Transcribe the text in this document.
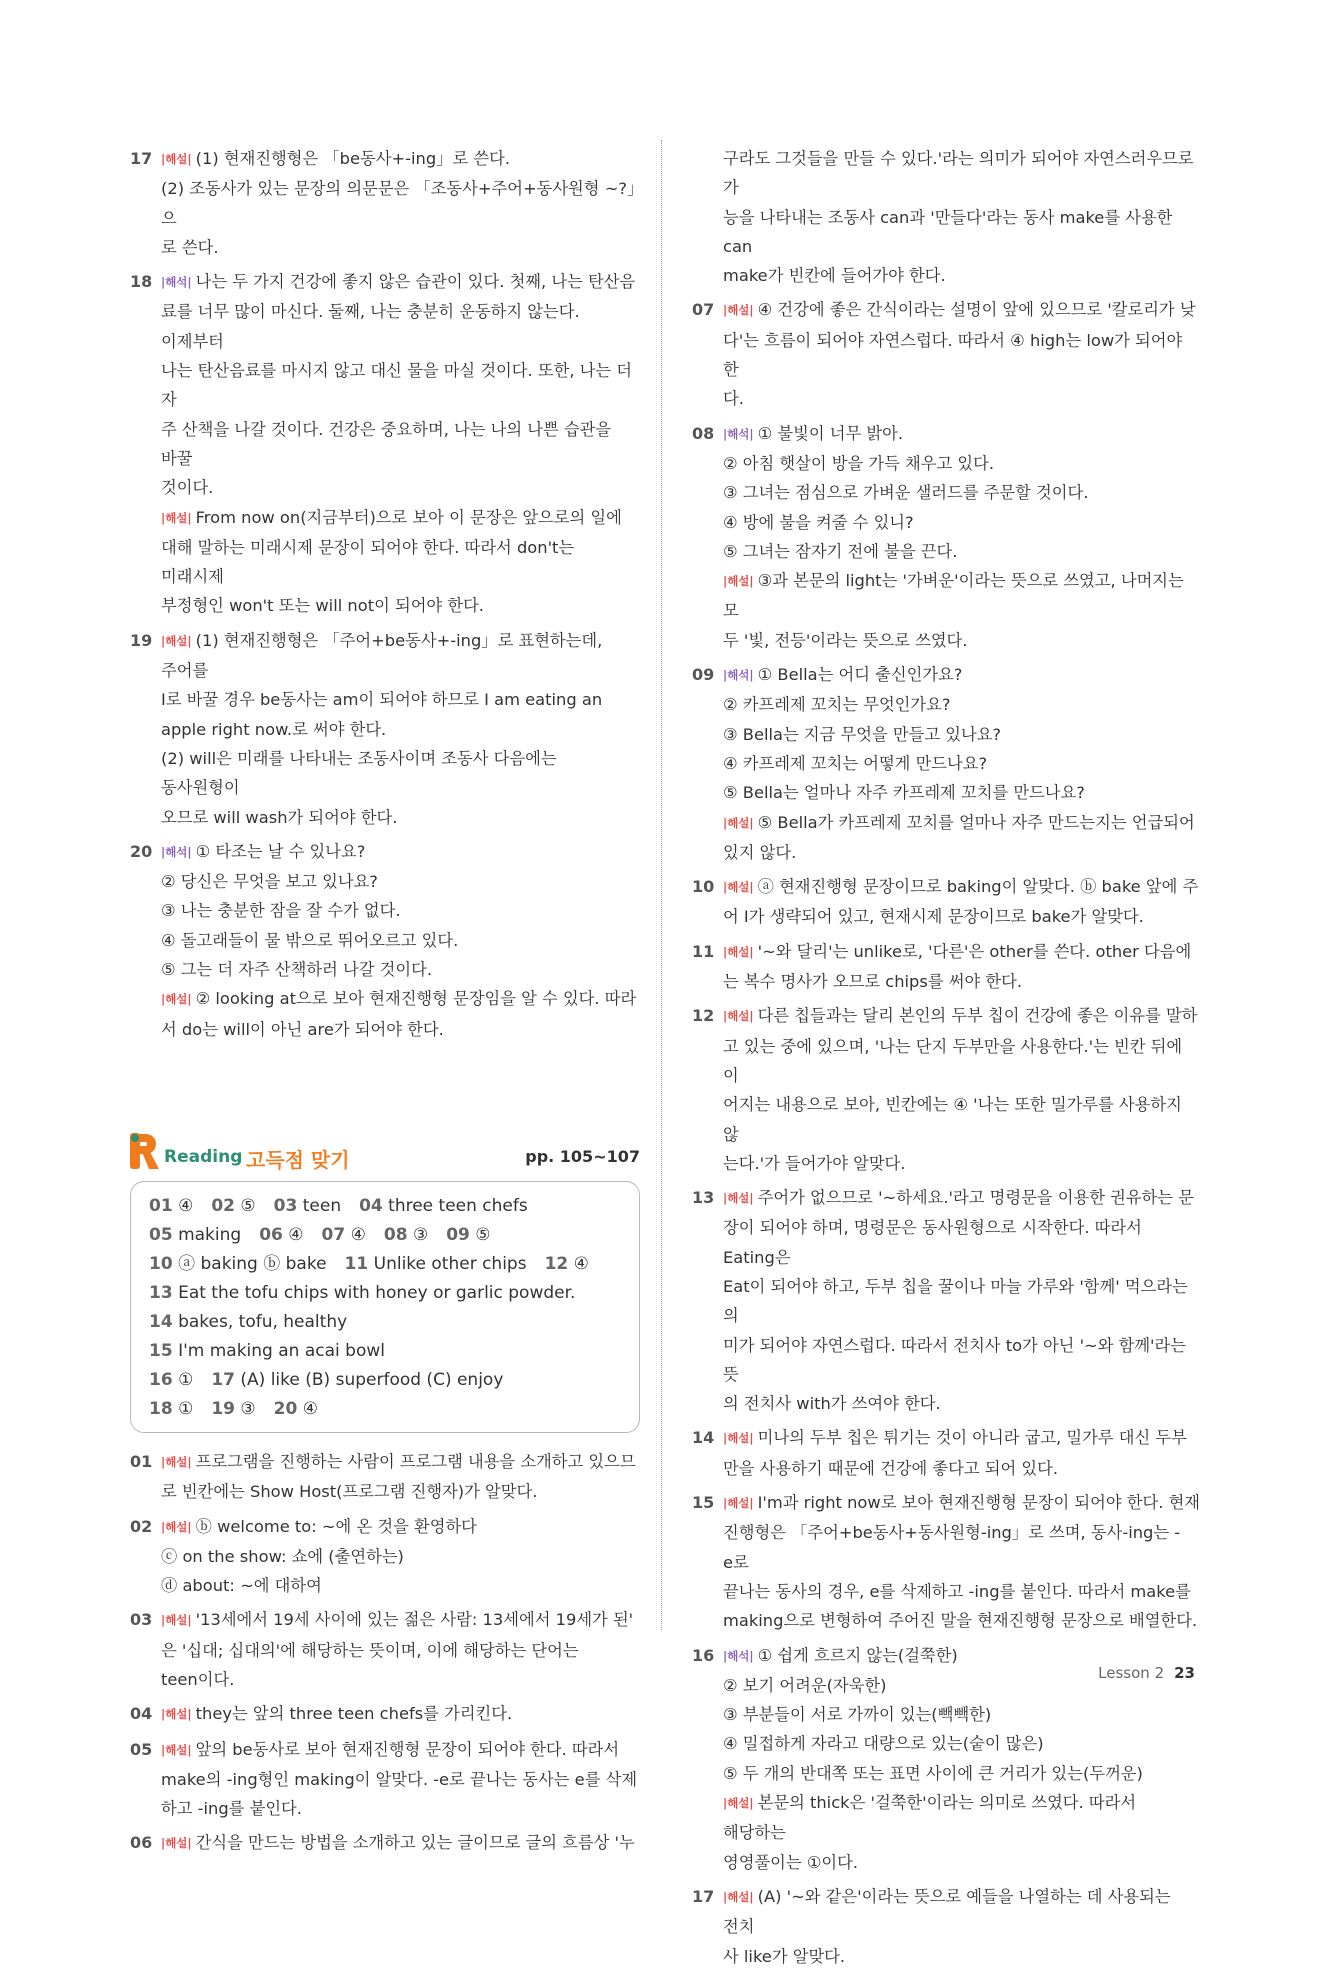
17 |해설| (1) 현재진행형은 「be동사+-ing」로 쓴다.
(2) 조동사가 있는 문장의 의문문은 「조동사+주어+동사원형 ~?」으
로 쓴다.
18 |해석| 나는 두 가지 건강에 좋지 않은 습관이 있다. 첫째, 나는 탄산음
료를 너무 많이 마신다. 둘째, 나는 충분히 운동하지 않는다. 이제부터
나는 탄산음료를 마시지 않고 대신 물을 마실 것이다. 또한, 나는 더 자
주 산책을 나갈 것이다. 건강은 중요하며, 나는 나의 나쁜 습관을 바꿀
것이다.
|해설| From now on(지금부터)으로 보아 이 문장은 앞으로의 일에
대해 말하는 미래시제 문장이 되어야 한다. 따라서 don't는 미래시제
부정형인 won't 또는 will not이 되어야 한다.
19 |해설| (1) 현재진행형은 「주어+be동사+-ing」로 표현하는데, 주어를
I로 바꿀 경우 be동사는 am이 되어야 하므로 I am eating an
apple right now.로 써야 한다.
(2) will은 미래를 나타내는 조동사이며 조동사 다음에는 동사원형이
오므로 will wash가 되어야 한다.
20 |해석| ① 타조는 날 수 있나요?
② 당신은 무엇을 보고 있나요?
③ 나는 충분한 잠을 잘 수가 없다.
④ 돌고래들이 물 밖으로 뛰어오르고 있다.
⑤ 그는 더 자주 산책하러 나갈 것이다.
|해설| ② looking at으로 보아 현재진행형 문장임을 알 수 있다. 따라
서 do는 will이 아닌 are가 되어야 한다.
Reading 고득점 맞기	pp. 105~107
01 ④ 02 ⑤ 03 teen 04 three teen chefs
05 making 06 ④ 07 ④ 08 ③ 09 ⑤
10 ⓐ baking ⓑ bake 11 Unlike other chips 12 ④
13 Eat the tofu chips with honey or garlic powder.
14 bakes, tofu, healthy
15 I'm making an acai bowl
16 ① 17 (A) like (B) superfood (C) enjoy
18 ① 19 ③ 20 ④
01 |해설| 프로그램을 진행하는 사람이 프로그램 내용을 소개하고 있으므
로 빈칸에는 Show Host(프로그램 진행자)가 알맞다.
02 |해설| ⓑ welcome to: ~에 온 것을 환영하다
ⓒ on the show: 쇼에 (출연하는)
ⓓ about: ~에 대하여
03 |해설| '13세에서 19세 사이에 있는 젊은 사람: 13세에서 19세가 된'
은 '십대; 십대의'에 해당하는 뜻이며, 이에 해당하는 단어는 teen이다.
04 |해설| they는 앞의 three teen chefs를 가리킨다.
05 |해설| 앞의 be동사로 보아 현재진행형 문장이 되어야 한다. 따라서
make의 -ing형인 making이 알맞다. -e로 끝나는 동사는 e를 삭제
하고 -ing를 붙인다.
06 |해설| 간식을 만드는 방법을 소개하고 있는 글이므로 글의 흐름상 '누
구라도 그것들을 만들 수 있다.'라는 의미가 되어야 자연스러우므로 가
능을 나타내는 조동사 can과 '만들다'라는 동사 make를 사용한 can
make가 빈칸에 들어가야 한다.
07 |해설| ④ 건강에 좋은 간식이라는 설명이 앞에 있으므로 '칼로리가 낮
다'는 흐름이 되어야 자연스럽다. 따라서 ④ high는 low가 되어야 한
다.
08 |해석| ① 불빛이 너무 밝아.
② 아침 햇살이 방을 가득 채우고 있다.
③ 그녀는 점심으로 가벼운 샐러드를 주문할 것이다.
④ 방에 불을 켜줄 수 있니?
⑤ 그녀는 잠자기 전에 불을 끈다.
|해설| ③과 본문의 light는 '가벼운'이라는 뜻으로 쓰였고, 나머지는 모
두 '빛, 전등'이라는 뜻으로 쓰였다.
09 |해석| ① Bella는 어디 출신인가요?
② 카프레제 꼬치는 무엇인가요?
③ Bella는 지금 무엇을 만들고 있나요?
④ 카프레제 꼬치는 어떻게 만드나요?
⑤ Bella는 얼마나 자주 카프레제 꼬치를 만드나요?
|해설| ⑤ Bella가 카프레제 꼬치를 얼마나 자주 만드는지는 언급되어
있지 않다.
10 |해설| ⓐ 현재진행형 문장이므로 baking이 알맞다. ⓑ bake 앞에 주
어 I가 생략되어 있고, 현재시제 문장이므로 bake가 알맞다.
11 |해설| '~와 달리'는 unlike로, '다른'은 other를 쓴다. other 다음에
는 복수 명사가 오므로 chips를 써야 한다.
12 |해설| 다른 칩들과는 달리 본인의 두부 칩이 건강에 좋은 이유를 말하
고 있는 중에 있으며, '나는 단지 두부만을 사용한다.'는 빈칸 뒤에 이
어지는 내용으로 보아, 빈칸에는 ④ '나는 또한 밀가루를 사용하지 않
는다.'가 들어가야 알맞다.
13 |해설| 주어가 없으므로 '~하세요.'라고 명령문을 이용한 권유하는 문
장이 되어야 하며, 명령문은 동사원형으로 시작한다. 따라서 Eating은
Eat이 되어야 하고, 두부 칩을 꿀이나 마늘 가루와 '함께' 먹으라는 의
미가 되어야 자연스럽다. 따라서 전치사 to가 아닌 '~와 함께'라는 뜻
의 전치사 with가 쓰여야 한다.
14 |해설| 미나의 두부 칩은 튀기는 것이 아니라 굽고, 밀가루 대신 두부
만을 사용하기 때문에 건강에 좋다고 되어 있다.
15 |해설| I'm과 right now로 보아 현재진행형 문장이 되어야 한다. 현재
진행형은 「주어+be동사+동사원형-ing」로 쓰며, 동사-ing는 -e로
끝나는 동사의 경우, e를 삭제하고 -ing를 붙인다. 따라서 make를
making으로 변형하여 주어진 말을 현재진행형 문장으로 배열한다.
16 |해석| ① 쉽게 흐르지 않는(걸쭉한)
② 보기 어려운(자욱한)
③ 부분들이 서로 가까이 있는(빽빽한)
④ 밀접하게 자라고 대량으로 있는(숱이 많은)
⑤ 두 개의 반대쪽 또는 표면 사이에 큰 거리가 있는(두꺼운)
|해설| 본문의 thick은 '걸쭉한'이라는 의미로 쓰였다. 따라서 해당하는
영영풀이는 ①이다.
17 |해설| (A) '~와 같은'이라는 뜻으로 예들을 나열하는 데 사용되는 전치
사 like가 알맞다.
Lesson 2 23
